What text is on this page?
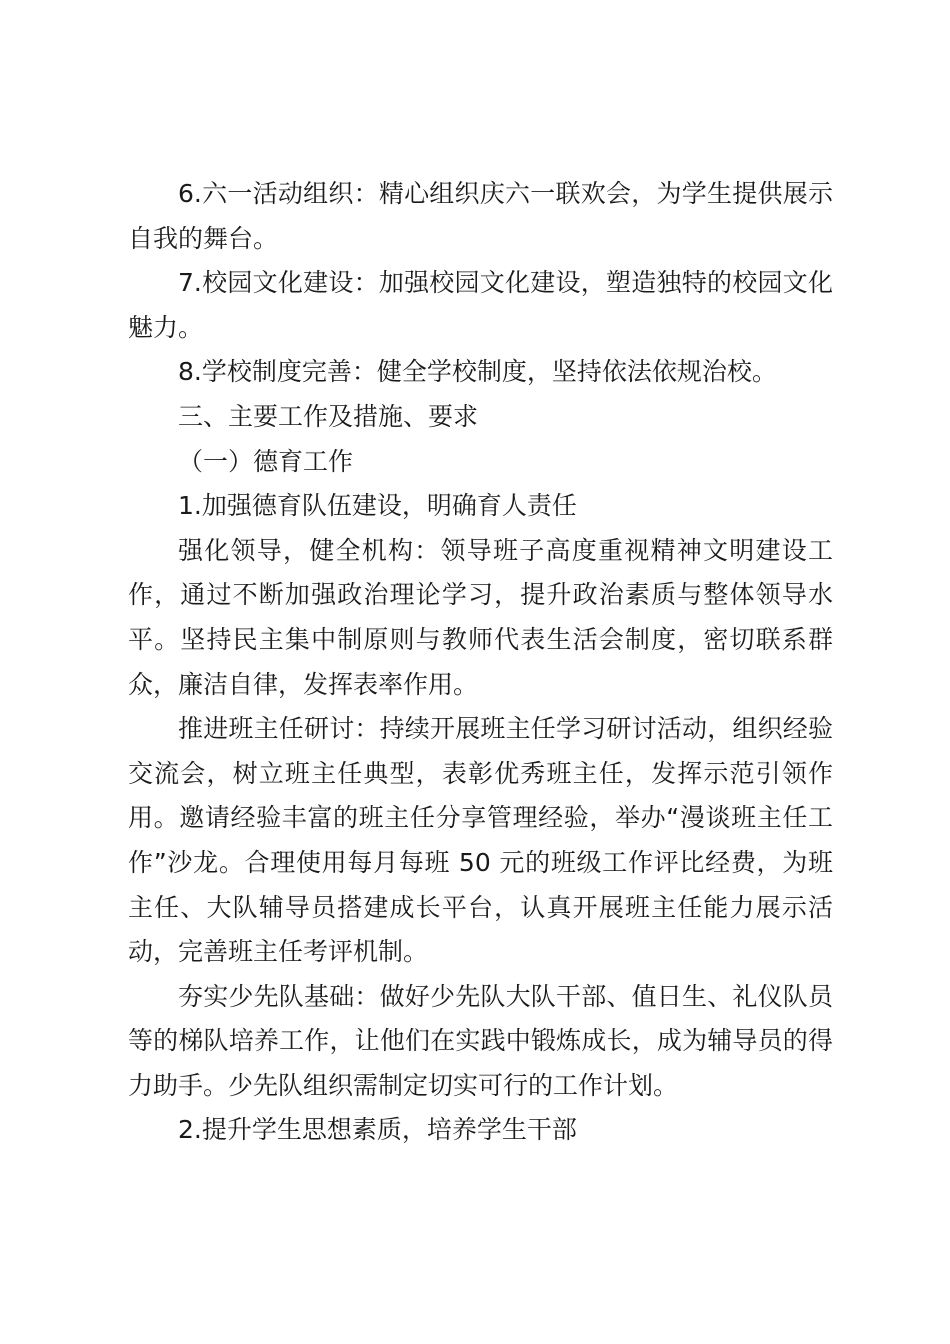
6.六一活动组织：精心组织庆六一联欢会，为学生提供展示自我的舞台。

7.校园文化建设：加强校园文化建设，塑造独特的校园文化魅力。

8.学校制度完善：健全学校制度，坚持依法依规治校。

三、主要工作及措施、要求

（一）德育工作

1.加强德育队伍建设，明确育人责任

强化领导，健全机构：领导班子高度重视精神文明建设工作，通过不断加强政治理论学习，提升政治素质与整体领导水平。坚持民主集中制原则与教师代表生活会制度，密切联系群众，廉洁自律，发挥表率作用。

推进班主任研讨：持续开展班主任学习研讨活动，组织经验交流会，树立班主任典型，表彰优秀班主任，发挥示范引领作用。邀请经验丰富的班主任分享管理经验，举办“漫谈班主任工作”沙龙。合理使用每月每班 50 元的班级工作评比经费，为班主任、大队辅导员搭建成长平台，认真开展班主任能力展示活动，完善班主任考评机制。

夯实少先队基础：做好少先队大队干部、值日生、礼仪队员等的梯队培养工作，让他们在实践中锻炼成长，成为辅导员的得力助手。少先队组织需制定切实可行的工作计划。

2.提升学生思想素质，培养学生干部
